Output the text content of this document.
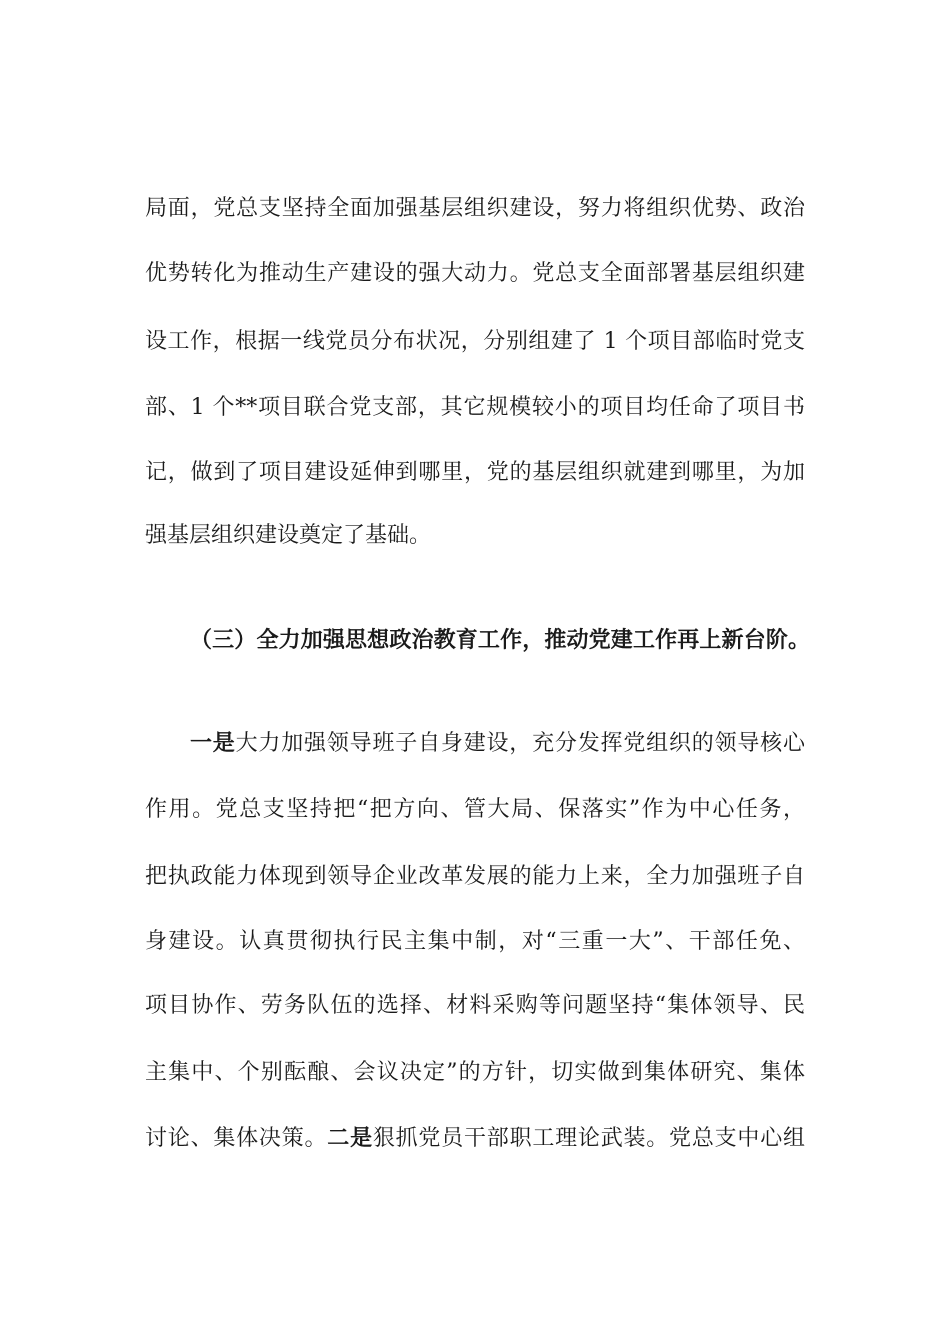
局面，党总支坚持全面加强基层组织建设，努力将组织优势、政治
优势转化为推动生产建设的强大动力。党总支全面部署基层组织建
设工作，根据一线党员分布状况，分别组建了 1 个项目部临时党支
部、1 个**项目联合党支部，其它规模较小的项目均任命了项目书
记，做到了项目建设延伸到哪里，党的基层组织就建到哪里，为加
强基层组织建设奠定了基础。
（三）全力加强思想政治教育工作，推动党建工作再上新台阶。
一是大力加强领导班子自身建设，充分发挥党组织的领导核心
作用。党总支坚持把“把方向、管大局、保落实”作为中心任务，
把执政能力体现到领导企业改革发展的能力上来，全力加强班子自
身建设。认真贯彻执行民主集中制，对“三重一大”、干部任免、
项目协作、劳务队伍的选择、材料采购等问题坚持“集体领导、民
主集中、个别酝酿、会议决定”的方针，切实做到集体研究、集体
讨论、集体决策。二是狠抓党员干部职工理论武装。党总支中心组
